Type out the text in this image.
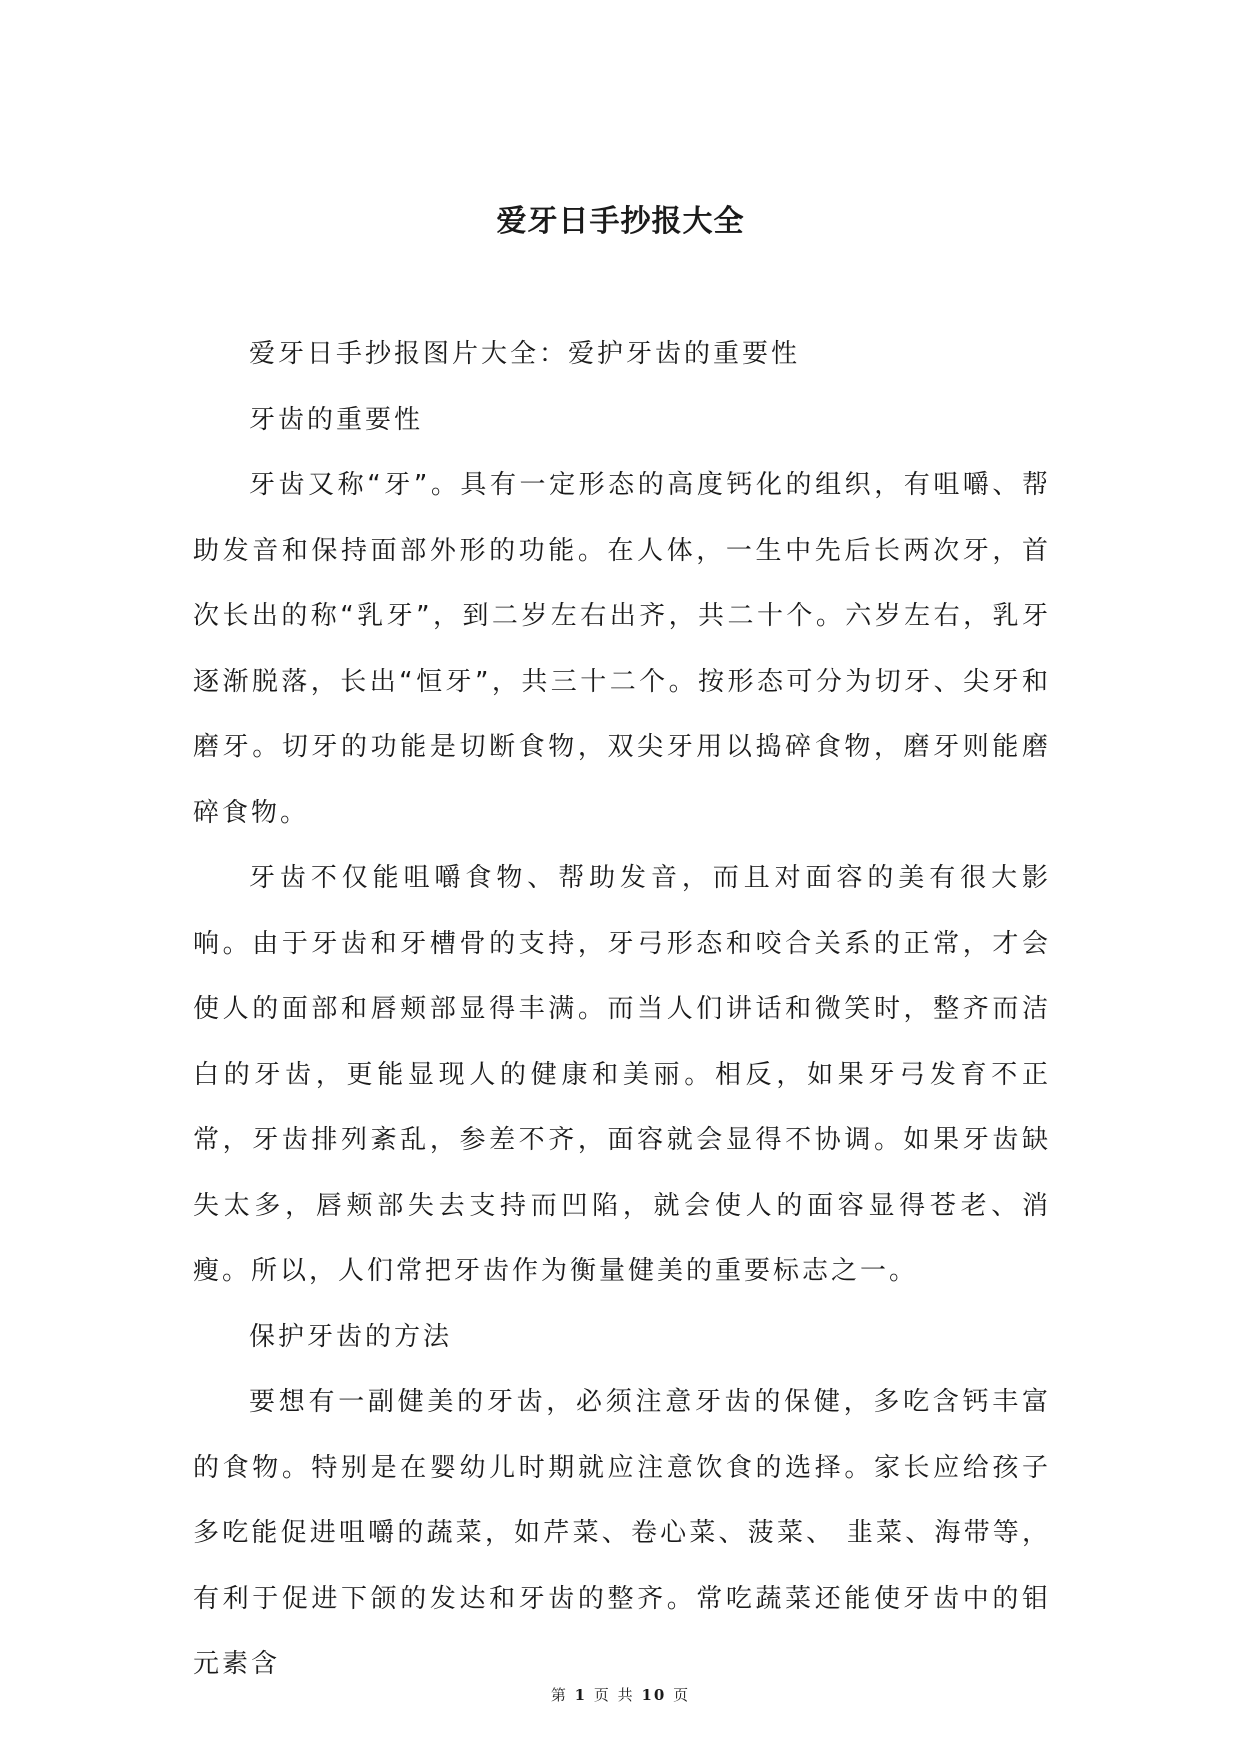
爱牙日手抄报大全

爱牙日手抄报图片大全：爱护牙齿的重要性

牙齿的重要性

牙齿又称“牙”。具有一定形态的高度钙化的组织，有咀嚼、帮助发音和保持面部外形的功能。在人体，一生中先后长两次牙，首次长出的称“乳牙”，到二岁左右出齐，共二十个。六岁左右，乳牙逐渐脱落，长出“恒牙”，共三十二个。按形态可分为切牙、尖牙和磨牙。切牙的功能是切断食物，双尖牙用以捣碎食物，磨牙则能磨碎食物。

牙齿不仅能咀嚼食物、帮助发音，而且对面容的美有很大影响。由于牙齿和牙槽骨的支持，牙弓形态和咬合关系的正常，才会使人的面部和唇颊部显得丰满。而当人们讲话和微笑时，整齐而洁白的牙齿，更能显现人的健康和美丽。相反，如果牙弓发育不正常，牙齿排列紊乱，参差不齐，面容就会显得不协调。如果牙齿缺失太多，唇颊部失去支持而凹陷，就会使人的面容显得苍老、消瘦。所以，人们常把牙齿作为衡量健美的重要标志之一。

保护牙齿的方法

要想有一副健美的牙齿，必须注意牙齿的保健，多吃含钙丰富的食物。特别是在婴幼儿时期就应注意饮食的选择。家长应给孩子多吃能促进咀嚼的蔬菜，如芹菜、卷心菜、菠菜、 韭菜、海带等，有利于促进下颌的发达和牙齿的整齐。常吃蔬菜还能使牙齿中的钼元素含

第 1 页 共 10 页
